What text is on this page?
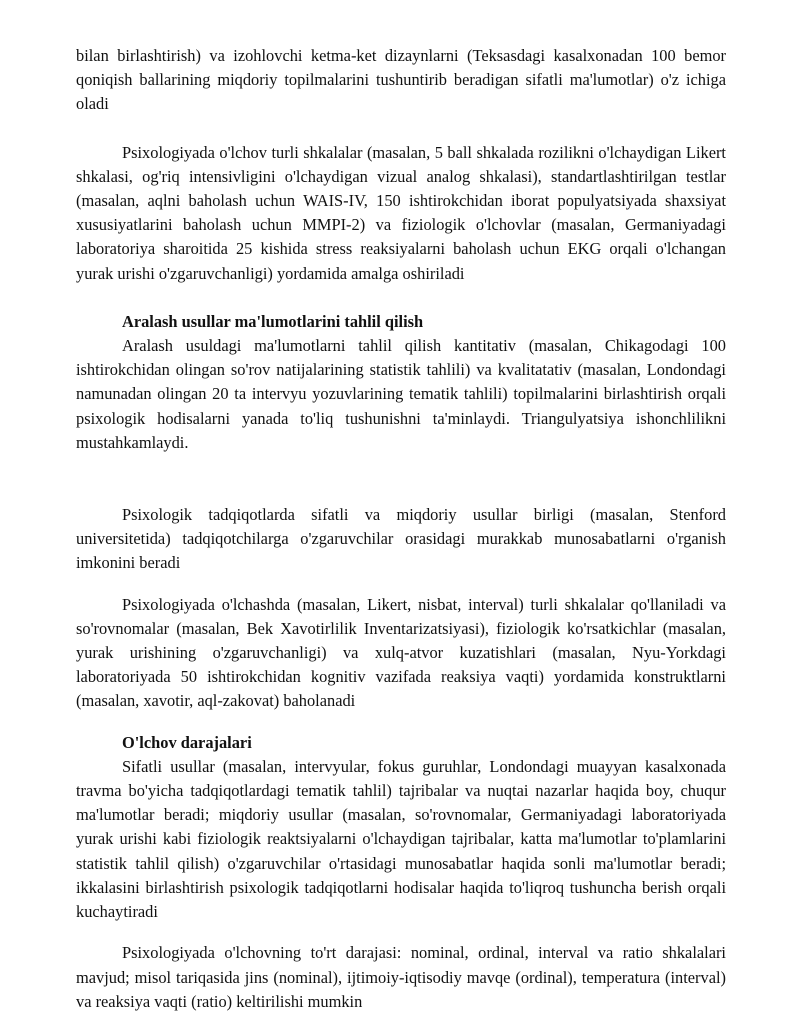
bilan birlashtirish) va izohlovchi ketma-ket dizaynlarni (Teksasdagi kasalxonadan 100 bemor qoniqish ballarining miqdoriy topilmalarini tushuntirib beradigan sifatli ma'lumotlar) o'z ichiga oladi

Psixologiyada o'lchov turli shkalalar (masalan, 5 ball shkalada rozilikni o'lchaydigan Likert shkalasi, og'riq intensivligini o'lchaydigan vizual analog shkalasi), standartlashtirilgan testlar (masalan, aqlni baholash uchun WAIS-IV, 150 ishtirokchidan iborat populyatsiyada shaxsiyat xususiyatlarini baholash uchun MMPI-2) va fiziologik o'lchovlar (masalan, Germaniyadagi laboratoriya sharoitida 25 kishida stress reaksiyalarni baholash uchun EKG orqali o'lchangan yurak urishi o'zgaruvchanligi) yordamida amalga oshiriladi

Aralash usullar ma'lumotlarini tahlil qilish

Aralash usuldagi ma'lumotlarni tahlil qilish kantitativ (masalan, Chikagodagi 100 ishtirokchidan olingan so'rov natijalarining statistik tahlili) va kvalitatativ (masalan, Londondagi namunadan olingan 20 ta intervyu yozuvlarining tematik tahlili) topilmalarini birlashtirish orqali psixologik hodisalarni yanada to'liq tushunishni ta'minlaydi. Triangulyatsiya ishonchlilikni mustahkamlaydi.

Psixologik tadqiqotlarda sifatli va miqdoriy usullar birligi (masalan, Stenford universitetida) tadqiqotchilarga o'zgaruvchilar orasidagi murakkab munosabatlarni o'rganish imkonini beradi

Psixologiyada o'lchashda (masalan, Likert, nisbat, interval) turli shkalalar qo'llaniladi va so'rovnomalar (masalan, Bek Xavotirlilik Inventarizatsiyasi), fiziologik ko'rsatkichlar (masalan, yurak urishining o'zgaruvchanligi) va xulq-atvor kuzatishlari (masalan, Nyu-Yorkdagi laboratoriyada 50 ishtirokchidan kognitiv vazifada reaksiya vaqti) yordamida konstruktlarni (masalan, xavotir, aql-zakovat) baholanadi

O'lchov darajalari

Sifatli usullar (masalan, intervyular, fokus guruhlar, Londondagi muayyan kasalxonada travma bo'yicha tadqiqotlardagi tematik tahlil) tajribalar va nuqtai nazarlar haqida boy, chuqur ma'lumotlar beradi; miqdoriy usullar (masalan, so'rovnomalar, Germaniyadagi laboratoriyada yurak urishi kabi fiziologik reaktsiyalarni o'lchaydigan tajribalar, katta ma'lumotlar to'plamlarini statistik tahlil qilish) o'zgaruvchilar o'rtasidagi munosabatlar haqida sonli ma'lumotlar beradi; ikkalasini birlashtirish psixologik tadqiqotlarni hodisalar haqida to'liqroq tushuncha berish orqali kuchaytiradi

Psixologiyada o'lchovning to'rt darajasi: nominal, ordinal, interval va ratio shkalalari mavjud; misol tariqasida jins (nominal), ijtimoiy-iqtisodiy mavqe (ordinal), temperatura (interval) va reaksiya vaqti (ratio) keltirilishi mumkin
